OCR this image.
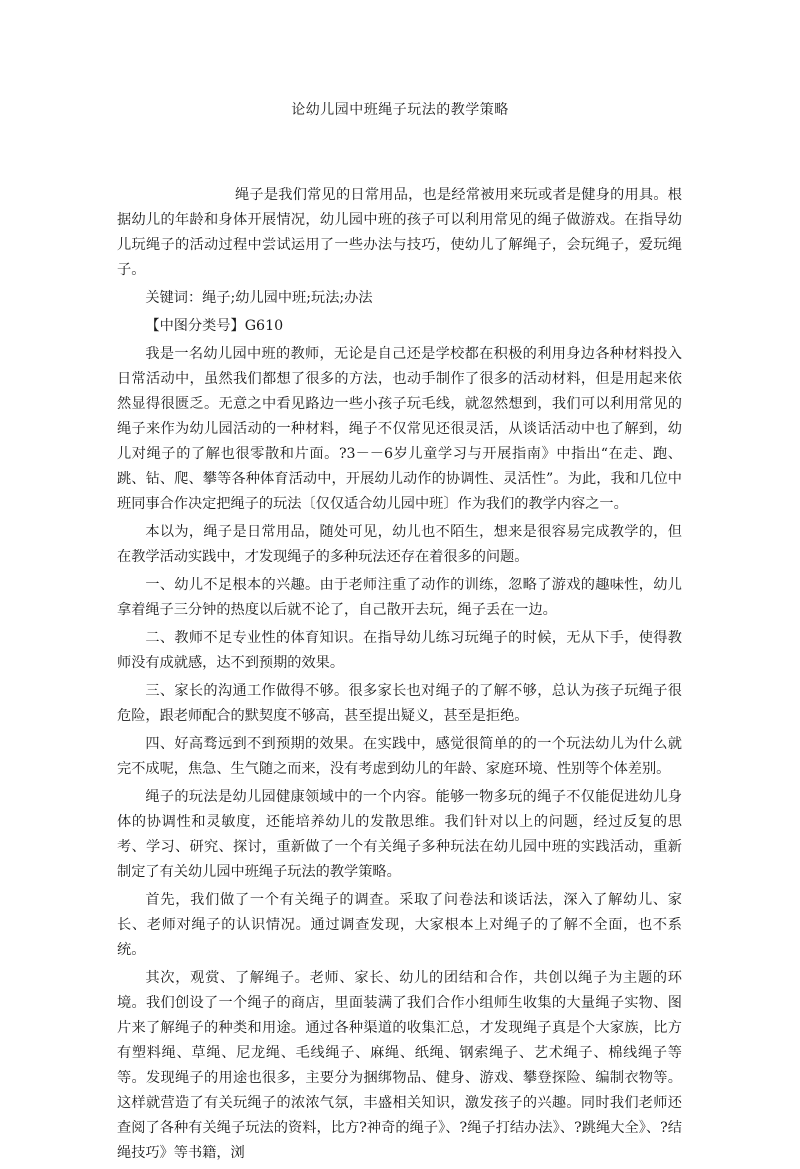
论幼儿园中班绳子玩法的教学策略

绳子是我们常见的日常用品，也是经常被用来玩或者是健身的用具。根据幼儿的年龄和身体开展情况，幼儿园中班的孩子可以利用常见的绳子做游戏。在指导幼儿玩绳子的活动过程中尝试运用了一些办法与技巧，使幼儿了解绳子，会玩绳子，爱玩绳子。

关键词：绳子;幼儿园中班;玩法;办法

【中图分类号】G610

我是一名幼儿园中班的教师，无论是自己还是学校都在积极的利用身边各种材料投入日常活动中，虽然我们都想了很多的方法，也动手制作了很多的活动材料，但是用起来依然显得很匮乏。无意之中看见路边一些小孩子玩毛线，就忽然想到，我们可以利用常见的绳子来作为幼儿园活动的一种材料，绳子不仅常见还很灵活，从谈话活动中也了解到，幼儿对绳子的了解也很零散和片面。?3－－6岁儿童学习与开展指南》中指出“在走、跑、跳、钻、爬、攀等各种体育活动中，开展幼儿动作的协调性、灵活性”。为此，我和几位中班同事合作决定把绳子的玩法〔仅仅适合幼儿园中班〕作为我们的教学内容之一。

本以为，绳子是日常用品，随处可见，幼儿也不陌生，想来是很容易完成教学的，但在教学活动实践中，才发现绳子的多种玩法还存在着很多的问题。

一、幼儿不足根本的兴趣。由于老师注重了动作的训练，忽略了游戏的趣味性，幼儿拿着绳子三分钟的热度以后就不论了，自己散开去玩，绳子丢在一边。

二、教师不足专业性的体育知识。在指导幼儿练习玩绳子的时候，无从下手，使得教师没有成就感，达不到预期的效果。

三、家长的沟通工作做得不够。很多家长也对绳子的了解不够，总认为孩子玩绳子很危险，跟老师配合的默契度不够高，甚至提出疑义，甚至是拒绝。

四、好高骛远到不到预期的效果。在实践中，感觉很简单的的一个玩法幼儿为什么就完不成呢，焦急、生气随之而来，没有考虑到幼儿的年龄、家庭环境、性别等个体差别。

绳子的玩法是幼儿园健康领域中的一个内容。能够一物多玩的绳子不仅能促进幼儿身体的协调性和灵敏度，还能培养幼儿的发散思维。我们针对以上的问题，经过反复的思考、学习、研究、探讨，重新做了一个有关绳子多种玩法在幼儿园中班的实践活动，重新制定了有关幼儿园中班绳子玩法的教学策略。

首先，我们做了一个有关绳子的调查。采取了问卷法和谈话法，深入了解幼儿、家长、老师对绳子的认识情况。通过调查发现，大家根本上对绳子的了解不全面，也不系统。

其次，观赏、了解绳子。老师、家长、幼儿的团结和合作，共创以绳子为主题的环境。我们创设了一个绳子的商店，里面装满了我们合作小组师生收集的大量绳子实物、图片来了解绳子的种类和用途。通过各种渠道的收集汇总，才发现绳子真是个大家族，比方有塑料绳、草绳、尼龙绳、毛线绳子、麻绳、纸绳、钢索绳子、艺术绳子、棉线绳子等等。发现绳子的用途也很多，主要分为捆绑物品、健身、游戏、攀登探险、编制衣物等。这样就营造了有关玩绳子的浓浓气氛，丰盛相关知识，激发孩子的兴趣。同时我们老师还查阅了各种有关绳子玩法的资料，比方?神奇的绳子》、?绳子打结办法》、?跳绳大全》、?结绳技巧》等书籍，浏
